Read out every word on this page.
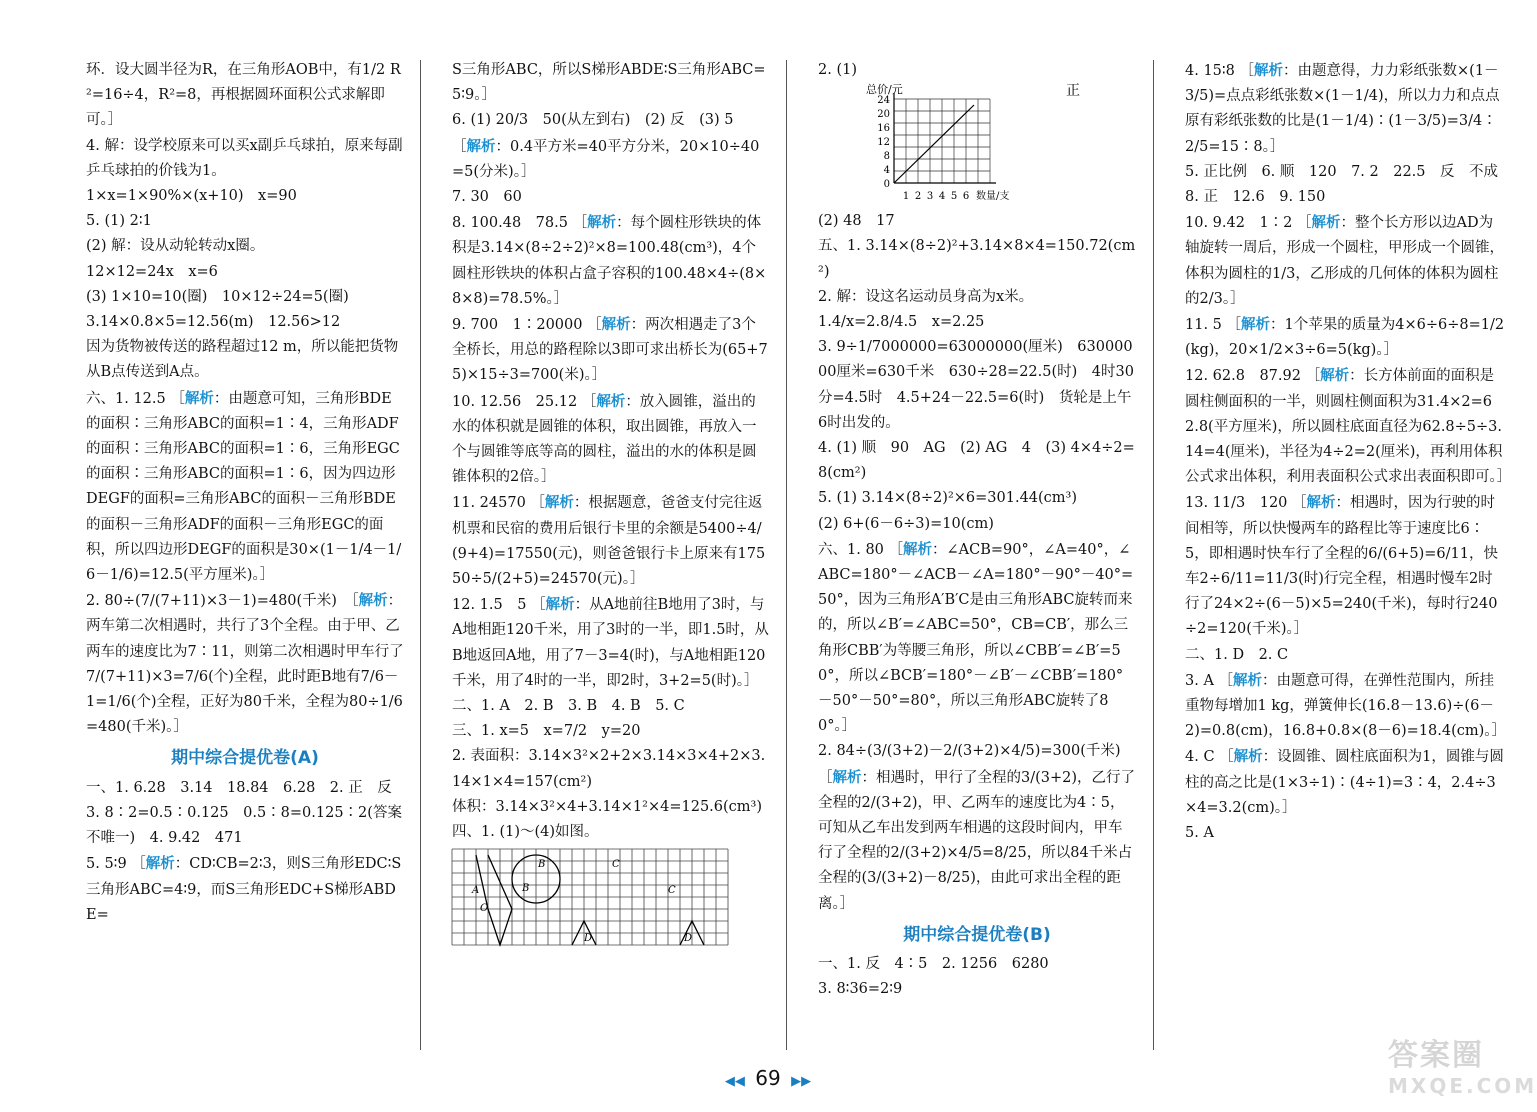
环．设大圆半径为R，在三角形AOB中，有1/2 R²=16÷4，R²=8，再根据圆环面积公式求解即可。］

4. 解：设学校原来可以买x副乒乓球拍，原来每副乒乓球拍的价钱为1。

1×x=1×90%×(x+10)　x=90

5. (1) 2∶1

(2) 解：设从动轮转动x圈。

12×12=24x　x=6

(3) 1×10=10(圈)　10×12÷24=5(圈)

3.14×0.8×5=12.56(m)　12.56>12

因为货物被传送的路程超过12 m，所以能把货物从B点传送到A点。

六、1. 12.5 ［解析：由题意可知，三角形BDE的面积∶三角形ABC的面积=1∶4，三角形ADF的面积∶三角形ABC的面积=1∶6，三角形EGC的面积∶三角形ABC的面积=1∶6，因为四边形DEGF的面积=三角形ABC的面积－三角形BDE的面积－三角形ADF的面积－三角形EGC的面积，所以四边形DEGF的面积是30×(1－1/4－1/6－1/6)=12.5(平方厘米)。］

2. 80÷(7/(7+11)×3－1)=480(千米)　［解析：两车第二次相遇时，共行了3个全程。由于甲、乙两车的速度比为7∶11，则第二次相遇时甲车行了7/(7+11)×3=7/6(个)全程，此时距B地有7/6－1=1/6(个)全程，正好为80千米，全程为80÷1/6=480(千米)。］

期中综合提优卷(A)

一、1. 6.28　3.14　18.84　6.28　2. 正　反

3. 8∶2=0.5∶0.125　0.5∶8=0.125∶2(答案不唯一)　4. 9.42　471

5. 5∶9 ［解析：CD∶CB=2∶3，则S三角形EDC∶S三角形ABC=4∶9，而S三角形EDC+S梯形ABDE=

S三角形ABC，所以S梯形ABDE∶S三角形ABC=5∶9。］

6. (1) 20/3　50(从左到右)　(2) 反　(3) 5

［解析：0.4平方米=40平方分米，20×10÷40=5(分米)。］

7. 30　60

8. 100.48　78.5 ［解析：每个圆柱形铁块的体积是3.14×(8÷2÷2)²×8=100.48(cm³)，4个圆柱形铁块的体积占盒子容积的100.48×4÷(8×8×8)=78.5%。］

9. 700　1∶20000 ［解析：两次相遇走了3个全桥长，用总的路程除以3即可求出桥长为(65+75)×15÷3=700(米)。］

10. 12.56　25.12 ［解析：放入圆锥，溢出的水的体积就是圆锥的体积，取出圆锥，再放入一个与圆锥等底等高的圆柱，溢出的水的体积是圆锥体积的2倍。］

11. 24570 ［解析：根据题意，爸爸支付完往返机票和民宿的费用后银行卡里的余额是5400÷4/(9+4)=17550(元)，则爸爸银行卡上原来有17550÷5/(2+5)=24570(元)。］

12. 1.5　5 ［解析：从A地前往B地用了3时，与A地相距120千米，用了3时的一半，即1.5时，从B地返回A地，用了7－3=4(时)，与A地相距120千米，用了4时的一半，即2时，3+2=5(时)。］

二、1. A　2. B　3. B　4. B　5. C

三、1. x=5　x=7/2　y=20

2. 表面积：3.14×3²×2+2×3.14×3×4+2×3.14×1×4=157(cm²)

体积：3.14×3²×4+3.14×1²×4=125.6(cm³)

四、1. (1)～(4)如图。

B
B
C
C
O
A
D	D

2. (1)

总价/元	正
24
20
16
12
8
4
0
1 2 3 4 5 6 数量/支

(2) 48　17

五、1. 3.14×(8÷2)²+3.14×8×4=150.72(cm²)

2. 解：设这名运动员身高为x米。

1.4/x=2.8/4.5　x=2.25

3. 9÷1/7000000=63000000(厘米)　63000000厘米=630千米　630÷28=22.5(时)　4时30分=4.5时　4.5+24－22.5=6(时)　货轮是上午6时出发的。

4. (1) 顺　90　AG　(2) AG　4　(3) 4×4÷2=8(cm²)

5. (1) 3.14×(8÷2)²×6=301.44(cm³)

(2) 6+(6－6÷3)=10(cm)

六、1. 80 ［解析：∠ACB=90°，∠A=40°，∠ABC=180°－∠ACB－∠A=180°－90°－40°=50°，因为三角形A′B′C是由三角形ABC旋转而来的，所以∠B′=∠ABC=50°，CB=CB′，那么三角形CBB′为等腰三角形，所以∠CBB′=∠B′=50°，所以∠BCB′=180°－∠B′－∠CBB′=180°－50°－50°=80°，所以三角形ABC旋转了80°。］

2. 84÷(3/(3+2)－2/(3+2)×4/5)=300(千米)　［解析：相遇时，甲行了全程的3/(3+2)，乙行了全程的2/(3+2)，甲、乙两车的速度比为4∶5，可知从乙车出发到两车相遇的这段时间内，甲车行了全程的2/(3+2)×4/5=8/25，所以84千米占全程的(3/(3+2)－8/25)，由此可求出全程的距离。］

期中综合提优卷(B)

一、1. 反　4∶5　2. 1256　6280

3. 8∶36=2∶9

4. 15∶8 ［解析：由题意得，力力彩纸张数×(1－3/5)=点点彩纸张数×(1－1/4)，所以力力和点点原有彩纸张数的比是(1－1/4)∶(1－3/5)=3/4∶2/5=15∶8。］

5. 正比例　6. 顺　120　7. 2　22.5　反　不成　8. 正　12.6　9. 150

10. 9.42　1∶2 ［解析：整个长方形以边AD为轴旋转一周后，形成一个圆柱，甲形成一个圆锥，体积为圆柱的1/3，乙形成的几何体的体积为圆柱的2/3。］

11. 5 ［解析：1个苹果的质量为4×6÷6÷8=1/2(kg)，20×1/2×3÷6=5(kg)。］

12. 62.8　87.92 ［解析：长方体前面的面积是圆柱侧面积的一半，则圆柱侧面积为31.4×2=62.8(平方厘米)，所以圆柱底面直径为62.8÷5÷3.14=4(厘米)，半径为4÷2=2(厘米)，再利用体积公式求出体积，利用表面积公式求出表面积即可。］

13. 11/3　120 ［解析：相遇时，因为行驶的时间相等，所以快慢两车的路程比等于速度比6∶5，即相遇时快车行了全程的6/(6+5)=6/11，快车2÷6/11=11/3(时)行完全程，相遇时慢车2时行了24×2÷(6－5)×5=240(千米)，每时行240÷2=120(千米)。］

二、1. D　2. C

3. A ［解析：由题意可得，在弹性范围内，所挂重物每增加1 kg，弹簧伸长(16.8－13.6)÷(6－2)=0.8(cm)，16.8+0.8×(8－6)=18.4(cm)。］

4. C ［解析：设圆锥、圆柱底面积为1，圆锥与圆柱的高之比是(1×3÷1)∶(4÷1)=3∶4，2.4÷3×4=3.2(cm)。］

5. A

◀◀ 69 ▶▶
答案圈
MXQE.COM
